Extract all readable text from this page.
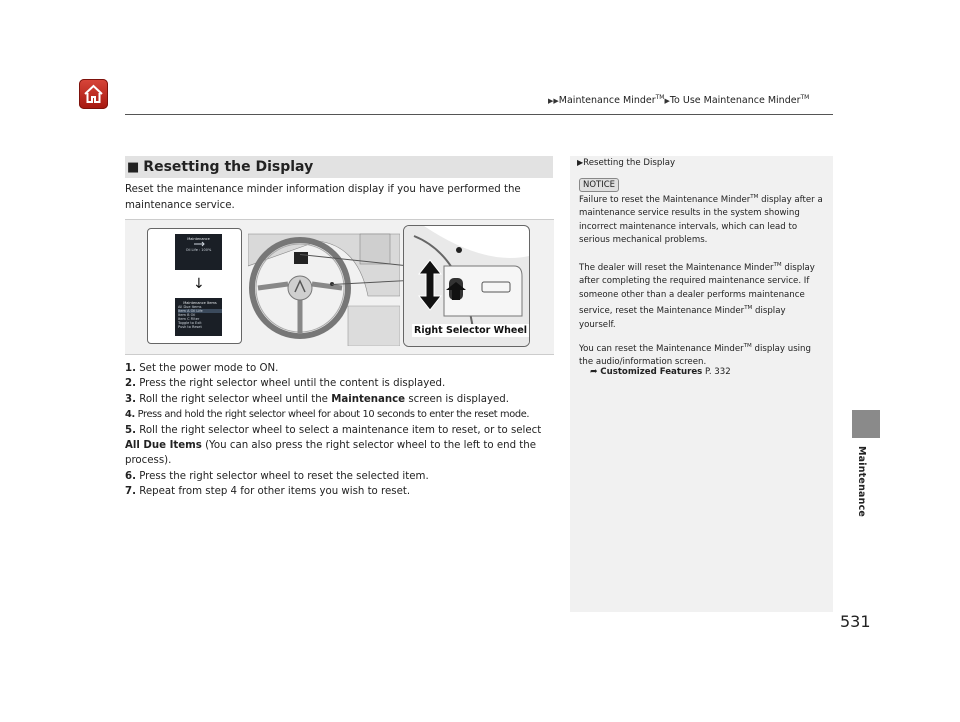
▶▶Maintenance Minder™▶To Use Maintenance Minder™
Maintenance
■ Resetting the Display
Reset the maintenance minder information display if you have performed the maintenance service.
Maintenance
Oil Life : 100%
↓
Maintenance Items
All Due Items
Item A Oil Life
Item B Oil
Item C Filter
Toggle to Exit
Push to Reset	Right Selector Wheel
1. Set the power mode to ON.
2. Press the right selector wheel until the content is displayed.
3. Roll the right selector wheel until the Maintenance screen is displayed.
4. Press and hold the right selector wheel for about 10 seconds to enter the reset mode.
5. Roll the right selector wheel to select a maintenance item to reset, or to select All Due Items (You can also press the right selector wheel to the left to end the process).
6. Press the right selector wheel to reset the selected item.
7. Repeat from step 4 for other items you wish to reset.
▶Resetting the Display
NOTICE
Failure to reset the Maintenance Minder™ display after a maintenance service results in the system showing incorrect maintenance intervals, which can lead to serious mechanical problems.
The dealer will reset the Maintenance Minder™ display after completing the required maintenance service. If someone other than a dealer performs maintenance service, reset the Maintenance Minder™ display yourself.
You can reset the Maintenance Minder™ display using the audio/information screen.
➦ Customized Features P. 332
531
